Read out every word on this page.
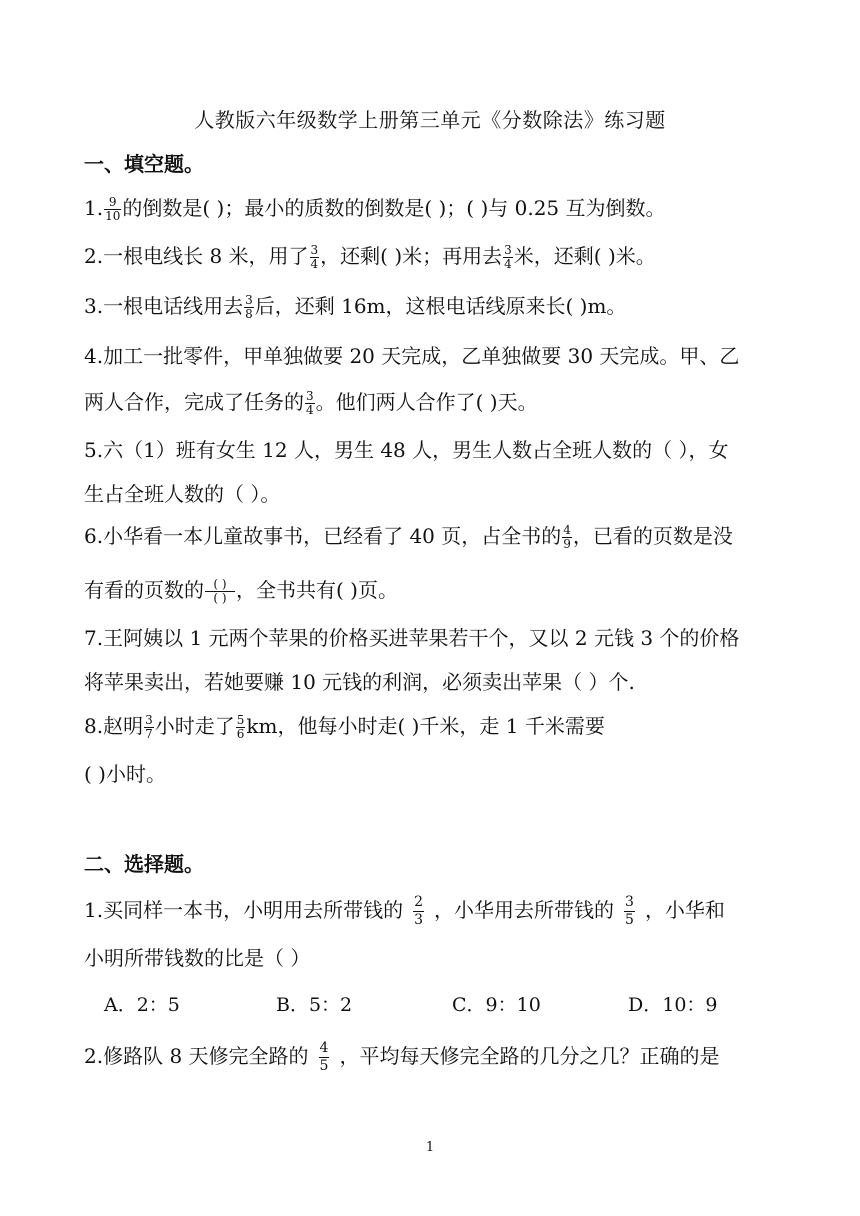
人教版六年级数学上册第三单元《分数除法》练习题
一、填空题。
1. $\frac{9}{10}$ 的倒数是( )；最小的质数的倒数是( )；( )与 0.25 互为倒数。
2.一根电线长 8 米，用了 $\frac{3}{4}$ ，还剩( )米；再用去 $\frac{3}{4}$ 米，还剩( )米。
3.一根电话线用去 $\frac{3}{8}$ 后，还剩 16m，这根电话线原来长( )m。
4.加工一批零件，甲单独做要 20 天完成，乙单独做要 30 天完成。甲、乙
两人合作，完成了任务的 $\frac{3}{4}$ 。他们两人合作了( )天。
5.六（1）班有女生 12 人，男生 48 人，男生人数占全班人数的（ ），女
生占全班人数的（ ）。
6.小华看一本儿童故事书，已经看了 40 页，占全书的 $\frac{4}{9}$ ，已看的页数是没
有看的页数的 $\frac{( )}{( )}$ ，全书共有( )页。
7.王阿姨以 1 元两个苹果的价格买进苹果若干个，又以 2 元钱 3 个的价格
将苹果卖出，若她要赚 10 元钱的利润，必须卖出苹果（ ）个.
8.赵明 $\frac{3}{7}$ 小时走了 $\frac{5}{6}$ km，他每小时走( )千米，走 1 千米需要
( )小时。
二、选择题。
1.买同样一本书，小明用去所带钱的 $\frac{2}{3}$ ，小华用去所带钱的 $\frac{3}{5}$ ，小华和
小明所带钱数的比是（ ）
A．2：5	B．5：2	C．9：10	D．10：9
2.修路队 8 天修完全路的 $\frac{4}{5}$ ，平均每天修完全路的几分之几？正确的是
1
